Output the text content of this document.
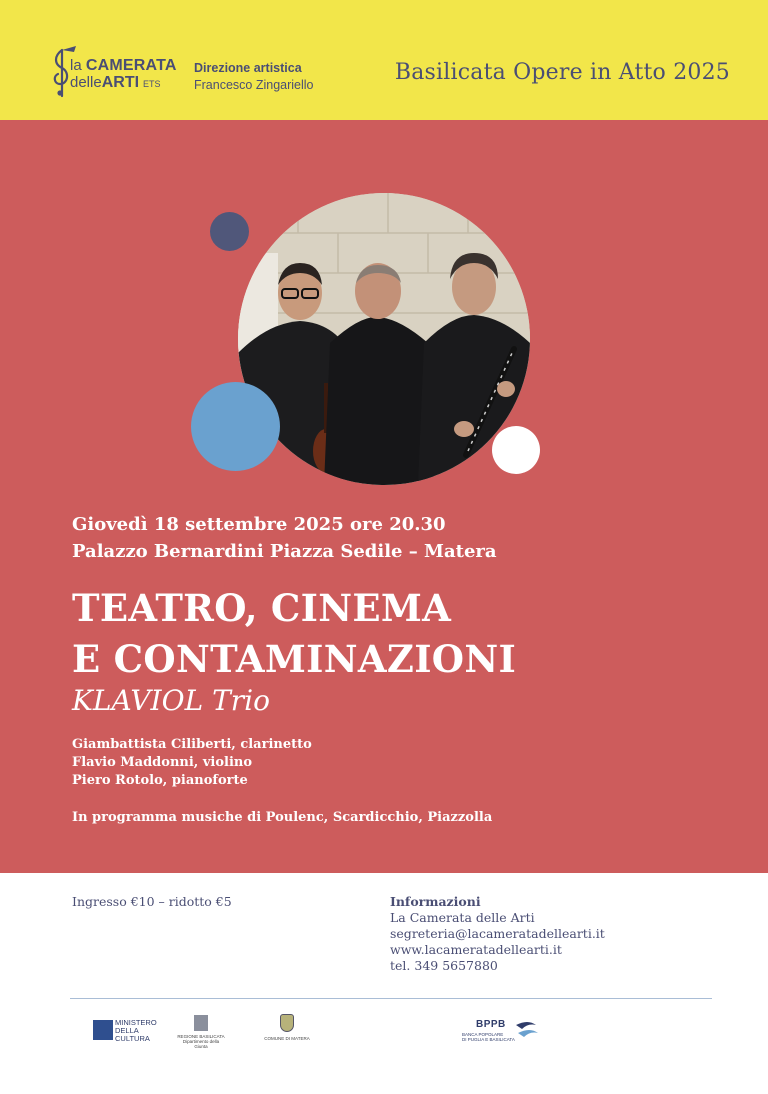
la CAMERATA
delleARTI ETS
Direzione artistica
Francesco Zingariello	Basilicata Opere in Atto 2025
Giovedì 18 settembre 2025 ore 20.30
Palazzo Bernardini Piazza Sedile – Matera
TEATRO, CINEMA
E CONTAMINAZIONI
KLAVIOL Trio
Giambattista Ciliberti, clarinetto
Flavio Maddonni, violino
Piero Rotolo, pianoforte
In programma musiche di Poulenc, Scardicchio, Piazzolla
Ingresso €10 – ridotto €5	Informazioni
La Camerata delle Arti
segreteria@lacameratadellearti.it
www.lacameratadellearti.it
tel. 349 5657880
MINISTERO
DELLA
CULTURA	REGIONE BASILICATA
Dipartimento della Giunta
COMUNE DI MATERA
BPPB
BANCA POPOLARE
DI PUGLIA E BASILICATA
